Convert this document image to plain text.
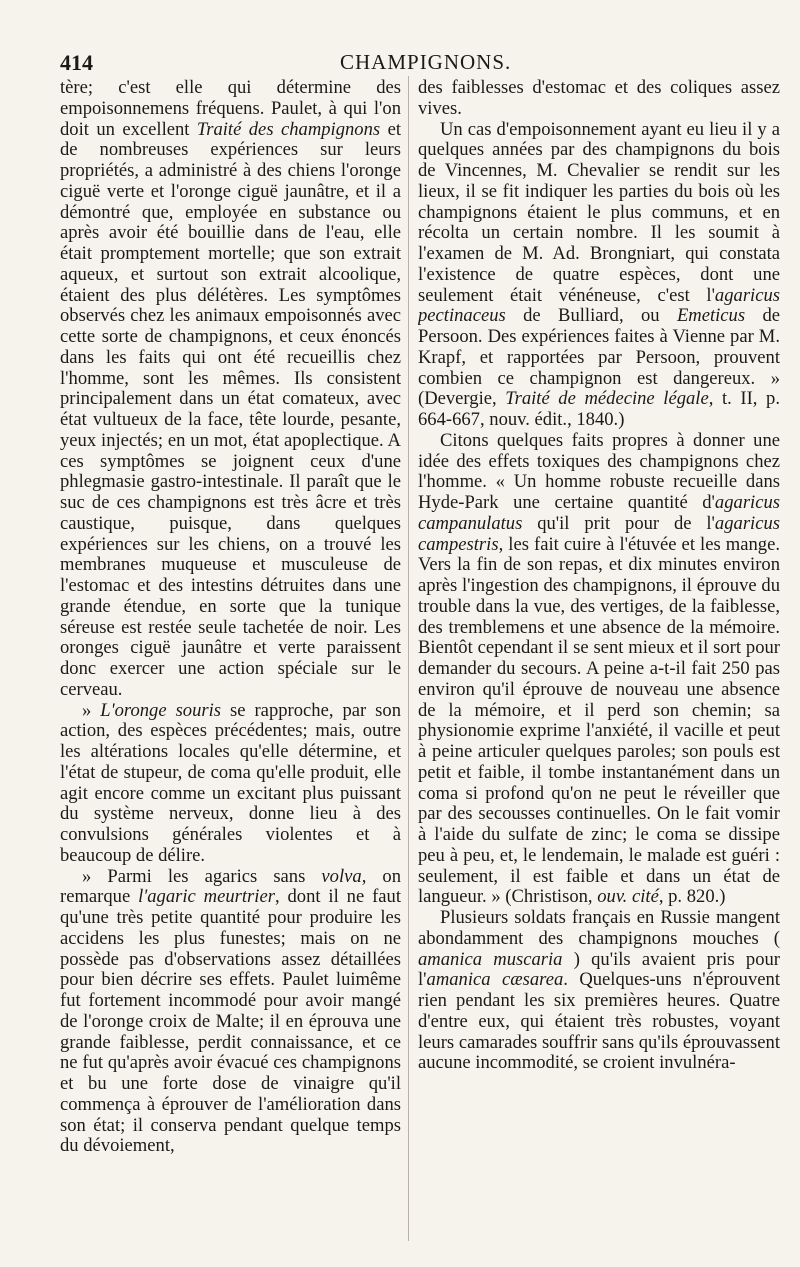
414	CHAMPIGNONS.

tère; c'est elle qui détermine des empoisonnemens fréquens. Paulet, à qui l'on doit un excellent Traité des champignons et de nombreuses expériences sur leurs propriétés, a administré à des chiens l'oronge ciguë verte et l'oronge ciguë jaunâtre, et il a démontré que, employée en substance ou après avoir été bouillie dans de l'eau, elle était promptement mortelle; que son extrait aqueux, et surtout son extrait alcoolique, étaient des plus délétères. Les symptômes observés chez les animaux empoisonnés avec cette sorte de champignons, et ceux énoncés dans les faits qui ont été recueillis chez l'homme, sont les mêmes. Ils consistent principalement dans un état comateux, avec état vultueux de la face, tête lourde, pesante, yeux injectés; en un mot, état apoplectique. A ces symptômes se joignent ceux d'une phlegmasie gastro-intestinale. Il paraît que le suc de ces champignons est très âcre et très caustique, puisque, dans quelques expériences sur les chiens, on a trouvé les membranes muqueuse et musculeuse de l'estomac et des intestins détruites dans une grande étendue, en sorte que la tunique séreuse est restée seule tachetée de noir. Les oronges ciguë jaunâtre et verte paraissent donc exercer une action spéciale sur le cerveau.

» L'oronge souris se rapproche, par son action, des espèces précédentes; mais, outre les altérations locales qu'elle détermine, et l'état de stupeur, de coma qu'elle produit, elle agit encore comme un excitant plus puissant du système nerveux, donne lieu à des convulsions générales violentes et à beaucoup de délire.

» Parmi les agarics sans volva, on remarque l'agaric meurtrier, dont il ne faut qu'une très petite quantité pour produire les accidens les plus funestes; mais on ne possède pas d'observations assez détaillées pour bien décrire ses effets. Paulet luimême fut fortement incommodé pour avoir mangé de l'oronge croix de Malte; il en éprouva une grande faiblesse, perdit connaissance, et ce ne fut qu'après avoir évacué ces champignons et bu une forte dose de vinaigre qu'il commença à éprouver de l'amélioration dans son état; il conserva pendant quelque temps du dévoiement,

des faiblesses d'estomac et des coliques assez vives.

Un cas d'empoisonnement ayant eu lieu il y a quelques années par des champignons du bois de Vincennes, M. Chevalier se rendit sur les lieux, il se fit indiquer les parties du bois où les champignons étaient le plus communs, et en récolta un certain nombre. Il les soumit à l'examen de M. Ad. Brongniart, qui constata l'existence de quatre espèces, dont une seulement était vénéneuse, c'est l'agaricus pectinaceus de Bulliard, ou Emeticus de Persoon. Des expériences faites à Vienne par M. Krapf, et rapportées par Persoon, prouvent combien ce champignon est dangereux. » (Devergie, Traité de médecine légale, t. II, p. 664-667, nouv. édit., 1840.)

Citons quelques faits propres à donner une idée des effets toxiques des champignons chez l'homme. « Un homme robuste recueille dans Hyde-Park une certaine quantité d'agaricus campanulatus qu'il prit pour de l'agaricus campestris, les fait cuire à l'étuvée et les mange. Vers la fin de son repas, et dix minutes environ après l'ingestion des champignons, il éprouve du trouble dans la vue, des vertiges, de la faiblesse, des tremblemens et une absence de la mémoire. Bientôt cependant il se sent mieux et il sort pour demander du secours. A peine a-t-il fait 250 pas environ qu'il éprouve de nouveau une absence de la mémoire, et il perd son chemin; sa physionomie exprime l'anxiété, il vacille et peut à peine articuler quelques paroles; son pouls est petit et faible, il tombe instantanément dans un coma si profond qu'on ne peut le réveiller que par des secousses continuelles. On le fait vomir à l'aide du sulfate de zinc; le coma se dissipe peu à peu, et, le lendemain, le malade est guéri : seulement, il est faible et dans un état de langueur. » (Christison, ouv. cité, p. 820.)

Plusieurs soldats français en Russie mangent abondamment des champignons mouches ( amanica muscaria ) qu'ils avaient pris pour l'amanica cæsarea. Quelques-uns n'éprouvent rien pendant les six premières heures. Quatre d'entre eux, qui étaient très robustes, voyant leurs camarades souffrir sans qu'ils éprouvassent aucune incommodité, se croient invulnéra-
